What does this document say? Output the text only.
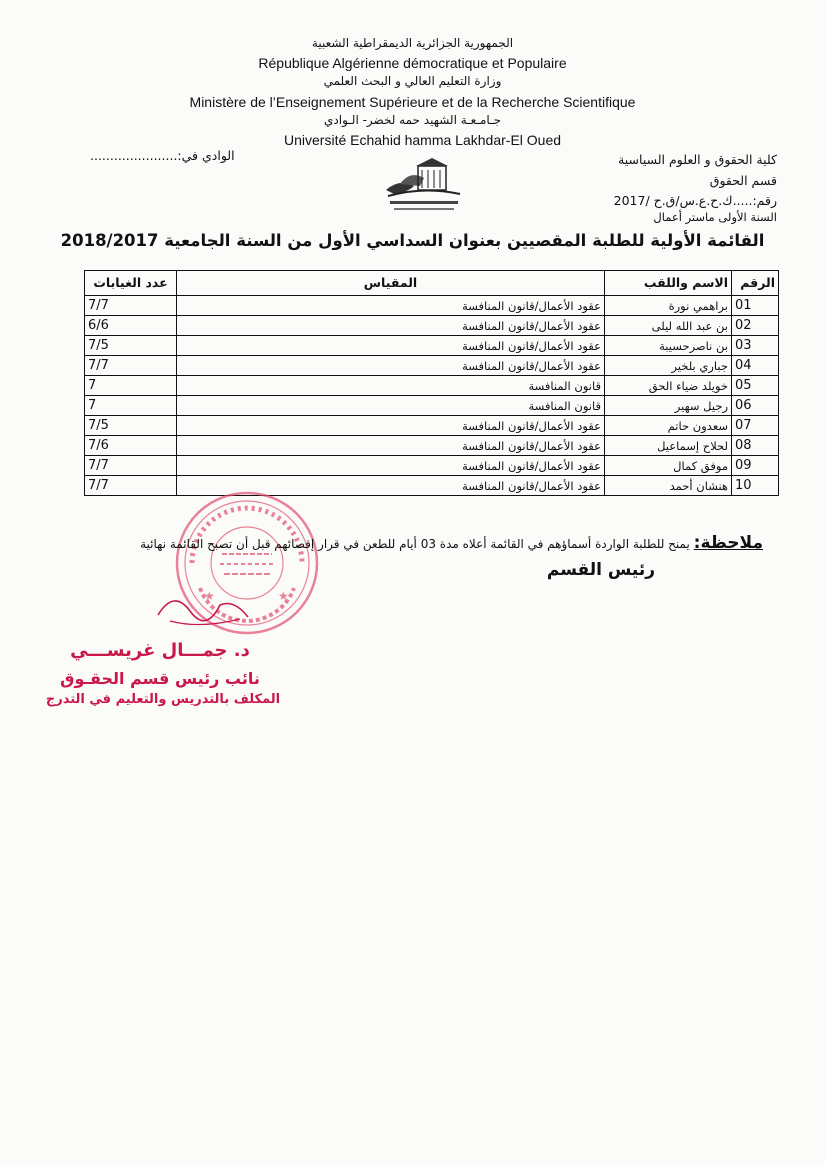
الجمهورية الجزائرية الديمقراطية الشعبية
République Algérienne démocratique et Populaire
وزارة التعليم العالي و البحث العلمي
Ministère de l’Enseignement Supérieure et de la Recherche Scientifique
جـامـعـة الشهيد حمه لخضر- الـوادي
Université Echahid hamma Lakhdar-El Oued
الوادي في:......................	كلية الحقوق و العلوم السياسية
قسم الحقوق
رقم:.....ك.ح.ع.س/ق.ح /2017
السنة الأولى ماستر أعمال
القائمة الأولية للطلبة المقصيين بعنوان السداسي الأول من السنة الجامعية 2018/2017
الرقم	الاسم واللقب	المقياس	عدد الغيابات
01	براهمي نورة	عقود الأعمال/قانون المنافسة	7/7
02	بن عبد الله ليلى	عقود الأعمال/قانون المنافسة	6/6
03	بن ناصرحسيبة	عقود الأعمال/قانون المنافسة	7/5
04	جباري بلخير	عقود الأعمال/قانون المنافسة	7/7
05	خويلد ضياء الحق	قانون المنافسة	7
06	رجيل سهير	قانون المنافسة	7
07	سعدون حاتم	عقود الأعمال/قانون المنافسة	7/5
08	لحلاح إسماعيل	عقود الأعمال/قانون المنافسة	7/6
09	موفق كمال	عقود الأعمال/قانون المنافسة	7/7
10	هنشان أحمد	عقود الأعمال/قانون المنافسة	7/7
★	★
ملاحظة: يمنح للطلبة الواردة أسماؤهم في القائمة أعلاه مدة 03 أيام للطعن في قرار إقصائهم قبل أن تصبح القائمة نهائية
رئيس القسم
د. جمـــال غريســـي
نائب رئيس قسم الحقـوق
المكلف بالتدريس والتعليم في التدرج
